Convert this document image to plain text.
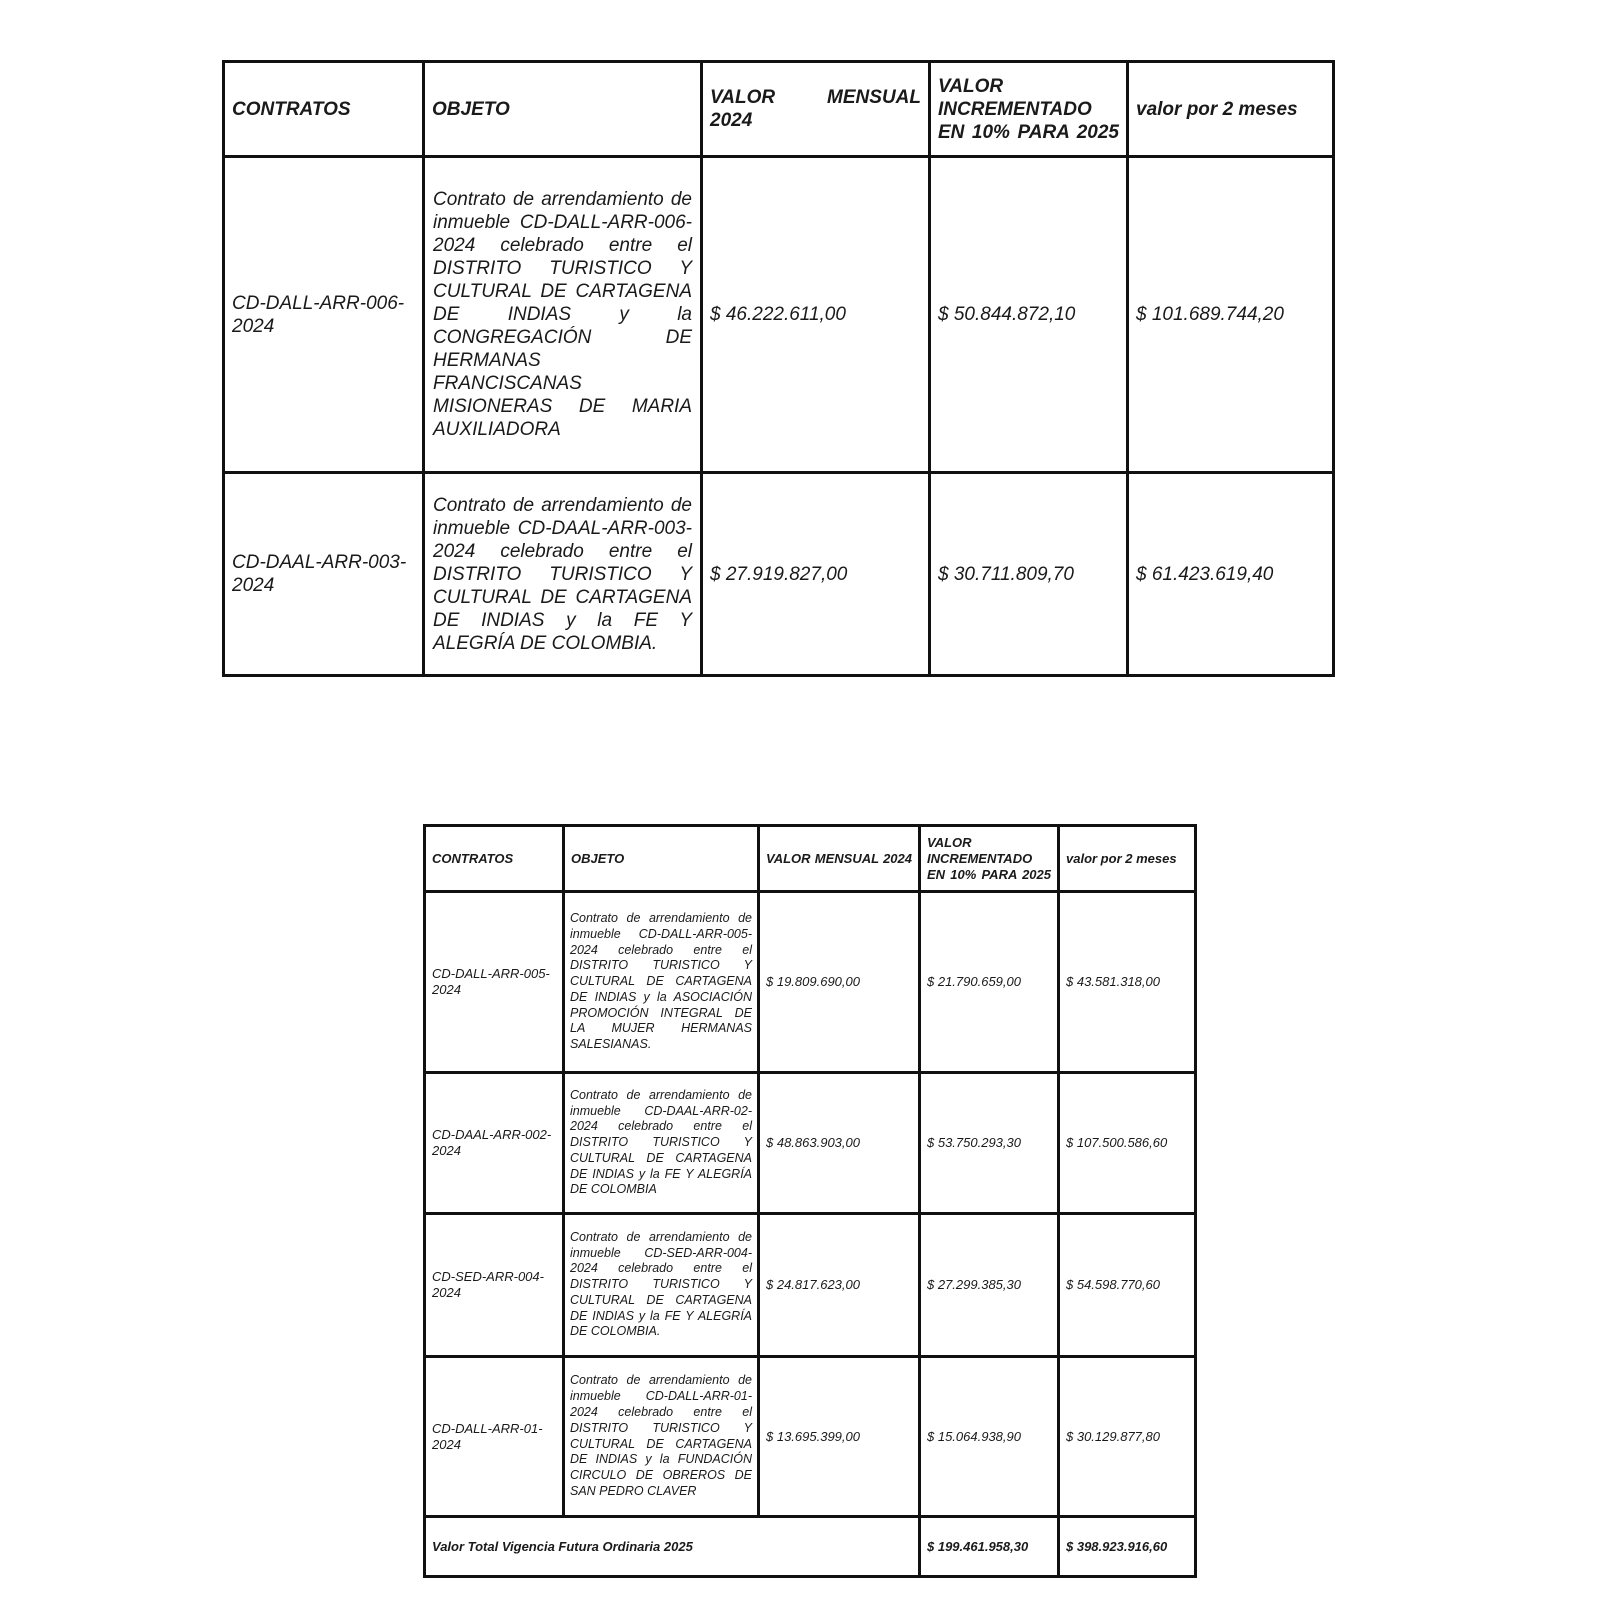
CONTRATOS	OBJETO	VALOR MENSUAL 2024	VALOR INCREMENTADO EN 10% PARA 2025	valor por 2 meses
CD-DALL-ARR-006-2024	Contrato de arrendamiento de inmueble CD-DALL-ARR-006-2024 celebrado entre el DISTRITO TURISTICO Y CULTURAL DE CARTAGENA DE INDIAS y la CONGREGACIÓN DE HERMANAS FRANCISCANAS MISIONERAS DE MARIA AUXILIADORA	$ 46.222.611,00	$ 50.844.872,10	$ 101.689.744,20
CD-DAAL-ARR-003-2024	Contrato de arrendamiento de inmueble CD-DAAL-ARR-003-2024 celebrado entre el DISTRITO TURISTICO Y CULTURAL DE CARTAGENA DE INDIAS y la FE Y ALEGRÍA DE COLOMBIA.	$ 27.919.827,00	$ 30.711.809,70	$ 61.423.619,40
CONTRATOS	OBJETO	VALOR MENSUAL 2024	VALOR INCREMENTADO EN 10% PARA 2025	valor por 2 meses
CD-DALL-ARR-005-2024	Contrato de arrendamiento de inmueble CD-DALL-ARR-005-2024 celebrado entre el DISTRITO TURISTICO Y CULTURAL DE CARTAGENA DE INDIAS y la ASOCIACIÓN PROMOCIÓN INTEGRAL DE LA MUJER HERMANAS SALESIANAS.	$ 19.809.690,00	$ 21.790.659,00	$ 43.581.318,00
CD-DAAL-ARR-002-2024	Contrato de arrendamiento de inmueble CD-DAAL-ARR-02-2024 celebrado entre el DISTRITO TURISTICO Y CULTURAL DE CARTAGENA DE INDIAS y la FE Y ALEGRÍA DE COLOMBIA	$ 48.863.903,00	$ 53.750.293,30	$ 107.500.586,60
CD-SED-ARR-004-2024	Contrato de arrendamiento de inmueble CD-SED-ARR-004-2024 celebrado entre el DISTRITO TURISTICO Y CULTURAL DE CARTAGENA DE INDIAS y la FE Y ALEGRÍA DE COLOMBIA.	$ 24.817.623,00	$ 27.299.385,30	$ 54.598.770,60
CD-DALL-ARR-01-2024	Contrato de arrendamiento de inmueble CD-DALL-ARR-01-2024 celebrado entre el DISTRITO TURISTICO Y CULTURAL DE CARTAGENA DE INDIAS y la FUNDACIÓN CIRCULO DE OBREROS DE SAN PEDRO CLAVER	$ 13.695.399,00	$ 15.064.938,90	$ 30.129.877,80
Valor Total Vigencia Futura Ordinaria 2025			$ 199.461.958,30	$ 398.923.916,60
